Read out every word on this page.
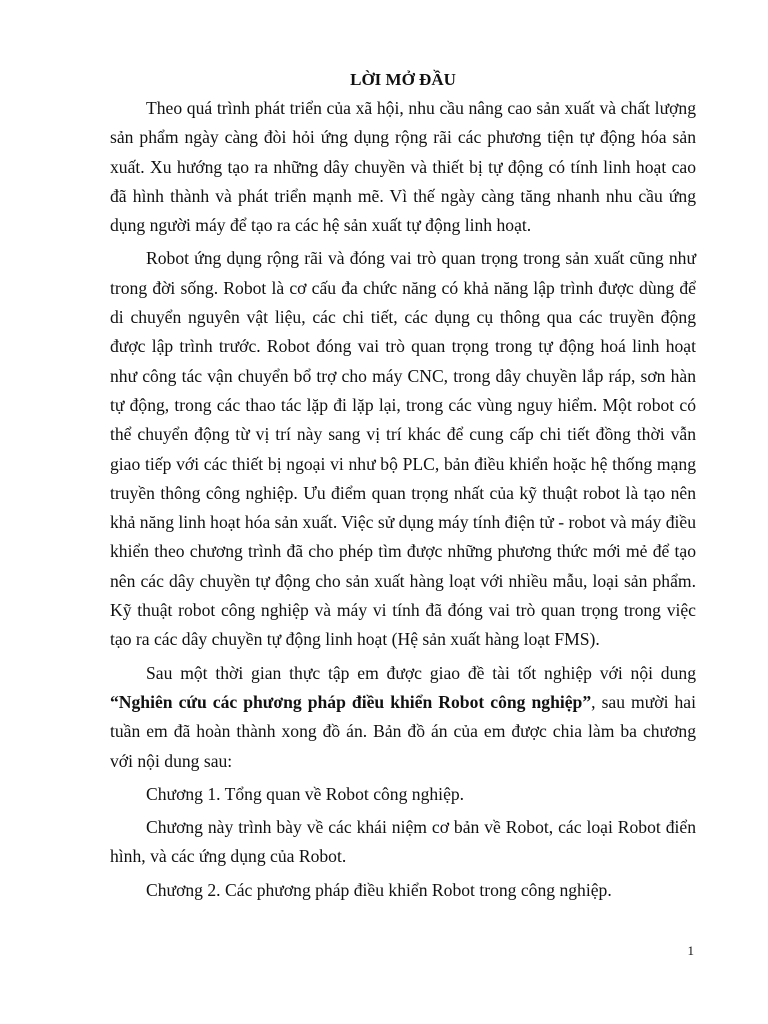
LỜI MỞ ĐẦU

Theo quá trình phát triển của xã hội, nhu cầu nâng cao sản xuất và chất lượng sản phẩm ngày càng đòi hỏi ứng dụng rộng rãi các phương tiện tự động hóa sản xuất. Xu hướng tạo ra những dây chuyền và thiết bị tự động có tính linh hoạt cao đã hình thành và phát triển mạnh mẽ. Vì thế ngày càng tăng nhanh nhu cầu ứng dụng người máy để tạo ra các hệ sản xuất tự động linh hoạt.

Robot ứng dụng rộng rãi và đóng vai trò quan trọng trong sản xuất cũng như trong đời sống. Robot là cơ cấu đa chức năng có khả năng lập trình được dùng để di chuyển nguyên vật liệu, các chi tiết, các dụng cụ thông qua các truyền động được lập trình trước. Robot đóng vai trò quan trọng trong tự động hoá linh hoạt như công tác vận chuyển bổ trợ cho máy CNC, trong dây chuyền lắp ráp, sơn hàn tự động, trong các thao tác lặp đi lặp lại, trong các vùng nguy hiểm. Một robot có thể chuyển động từ vị trí này sang vị trí khác để cung cấp chi tiết đồng thời vẫn giao tiếp với các thiết bị ngoại vi như bộ PLC, bản điều khiển hoặc hệ thống mạng truyền thông công nghiệp. Ưu điểm quan trọng nhất của kỹ thuật robot là tạo nên khả năng linh hoạt hóa sản xuất. Việc sử dụng máy tính điện tử - robot và máy điều khiển theo chương trình đã cho phép tìm được những phương thức mới mẻ để tạo nên các dây chuyền tự động cho sản xuất hàng loạt với nhiều mẫu, loại sản phẩm. Kỹ thuật robot công nghiệp và máy vi tính đã đóng vai trò quan trọng trong việc tạo ra các dây chuyền tự động linh hoạt (Hệ sản xuất hàng loạt FMS).

Sau một thời gian thực tập em được giao đề tài tốt nghiệp với nội dung “Nghiên cứu các phương pháp điều khiển Robot công nghiệp”, sau mười hai tuần em đã hoàn thành xong đồ án. Bản đồ án của em được chia làm ba chương với nội dung sau:

Chương 1. Tổng quan về Robot công nghiệp.

Chương này trình bày về các khái niệm cơ bản về Robot, các loại Robot điển hình, và các ứng dụng của Robot.

Chương 2. Các phương pháp điều khiển Robot trong công nghiệp.

1
